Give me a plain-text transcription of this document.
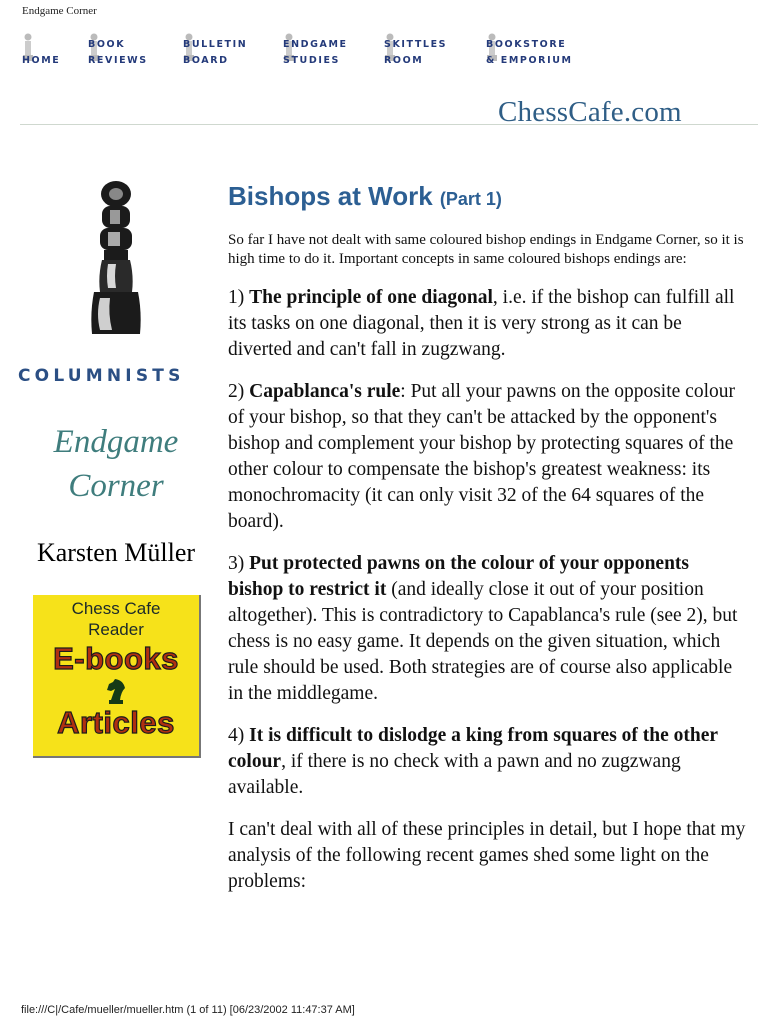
Endgame Corner
HOME
BOOK
REVIEWS
BULLETIN
BOARD
ENDGAME
STUDIES
SKITTLES
ROOM
BOOKSTORE
& EMPORIUM
ChessCafe.com
COLUMNISTS
Endgame
Corner
Karsten Müller
Chess Cafe
Reader
E-books
Articles
Bishops at Work (Part 1)

So far I have not dealt with same coloured bishop endings in Endgame Corner, so it is high time to do it. Important concepts in same coloured bishops endings are:

1) The principle of one diagonal, i.e. if the bishop can fulfill all its tasks on one diagonal, then it is very strong as it can be diverted and can't fall in zugzwang.

2) Capablanca's rule: Put all your pawns on the opposite colour of your bishop, so that they can't be attacked by the opponent's bishop and complement your bishop by protecting squares of the other colour to compensate the bishop's greatest weakness: its monochromacity (it can only visit 32 of the 64 squares of the board).

3) Put protected pawns on the colour of your opponents bishop to restrict it (and ideally close it out of your position altogether). This is contradictory to Capablanca's rule (see 2), but chess is no easy game. It depends on the given situation, which rule should be used. Both strategies are of course also applicable in the middlegame.

4) It is difficult to dislodge a king from squares of the other colour, if there is no check with a pawn and no zugzwang available.

I can't deal with all of these principles in detail, but I hope that my analysis of the following recent games shed some light on the problems:

file:///C|/Cafe/mueller/mueller.htm (1 of 11) [06/23/2002 11:47:37 AM]
